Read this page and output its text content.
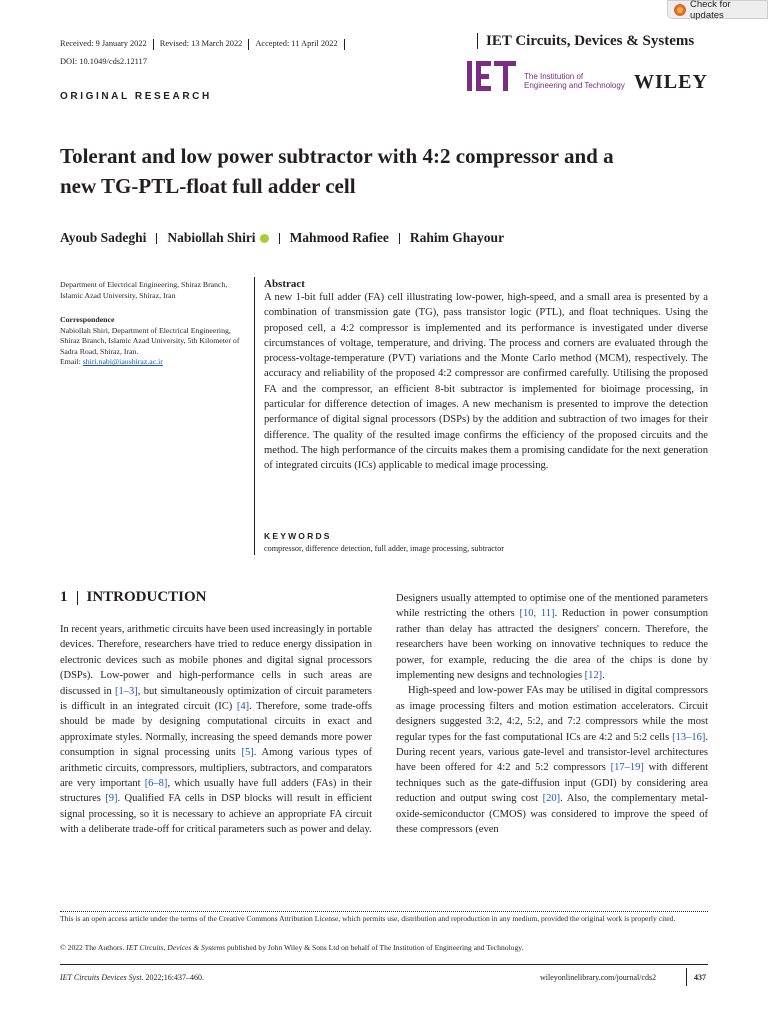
Check for updates
Received: 9 January 2022 Revised: 13 March 2022 Accepted: 11 April 2022
DOI: 10.1049/cds2.12117
IET Circuits, Devices & Systems
The Institution of
Engineering and Technology WILEY
ORIGINAL RESEARCH
Tolerant and low power subtractor with 4:2 compressor and a
new TG-PTL-float full adder cell
Ayoub Sadeghi Nabiollah Shiri	Mahmood Rafiee Rahim Ghayour
Department of Electrical Engineering, Shiraz Branch, Islamic Azad University, Shiraz, Iran
Correspondence
Nabiollah Shiri, Department of Electrical Engineering, Shiraz Branch, Islamic Azad University, 5th Kilometer of Sadra Road, Shiraz, Iran.
Email: shiri.nabi@iaushiraz.ac.ir
Abstract
A new 1-bit full adder (FA) cell illustrating low-power, high-speed, and a small area is presented by a combination of transmission gate (TG), pass transistor logic (PTL), and float techniques. Using the proposed cell, a 4:2 compressor is implemented and its performance is investigated under diverse circumstances of voltage, temperature, and driving. The process and corners are evaluated through the process-voltage-temperature (PVT) variations and the Monte Carlo method (MCM), respectively. The accuracy and reliability of the proposed 4:2 compressor are confirmed carefully. Utilising the proposed FA and the compressor, an efficient 8-bit subtractor is implemented for bioimage processing, in particular for difference detection of images. A new mechanism is presented to improve the detection performance of digital signal processors (DSPs) by the addition and subtraction of two images for their difference. The quality of the resulted image confirms the efficiency of the proposed circuits and the method. The high performance of the circuits makes them a promising candidate for the next generation of integrated circuits (ICs) applicable to medical image processing.
KEYWORDS
compressor, difference detection, full adder, image processing, subtractor
1 INTRODUCTION

In recent years, arithmetic circuits have been used increasingly in portable devices. Therefore, researchers have tried to reduce energy dissipation in electronic devices such as mobile phones and digital signal processors (DSPs). Low-power and high-performance cells in such areas are discussed in [1–3], but simultaneously optimization of circuit parameters is difficult in an integrated circuit (IC) [4]. Therefore, some trade-offs should be made by designing computational circuits in exact and approximate styles. Normally, increasing the speed demands more power consumption in signal processing units [5]. Among various types of arithmetic circuits, compressors, multipliers, subtractors, and comparators are very important [6–8], which usually have full adders (FAs) in their structures [9]. Qualified FA cells in DSP blocks will result in efficient signal processing, so it is necessary to achieve an appropriate FA circuit with a deliberate trade-off for critical parameters such as power and delay.

Designers usually attempted to optimise one of the mentioned parameters while restricting the others [10, 11]. Reduction in power consumption rather than delay has attracted the designers' concern. Therefore, the researchers have been working on innovative techniques to reduce the power, for example, reducing the die area of the chips is done by implementing new designs and technologies [12].

High-speed and low-power FAs may be utilised in digital compressors as image processing filters and motion estimation accelerators. Circuit designers suggested 3:2, 4:2, 5:2, and 7:2 compressors while the most regular types for the fast computational ICs are 4:2 and 5:2 cells [13–16]. During recent years, various gate-level and transistor-level architectures have been offered for 4:2 and 5:2 compressors [17–19] with different techniques such as the gate-diffusion input (GDI) by considering area reduction and output swing cost [20]. Also, the complementary metal-oxide-semiconductor (CMOS) was considered to improve the speed of these compressors (even

This is an open access article under the terms of the Creative Commons Attribution License, which permits use, distribution and reproduction in any medium, provided the original work is properly cited.
© 2022 The Authors. IET Circuits, Devices & Systems published by John Wiley & Sons Ltd on behalf of The Institution of Engineering and Technology.
IET Circuits Devices Syst. 2022;16:437–460.	wileyonlinelibrary.com/journal/cds2	437
